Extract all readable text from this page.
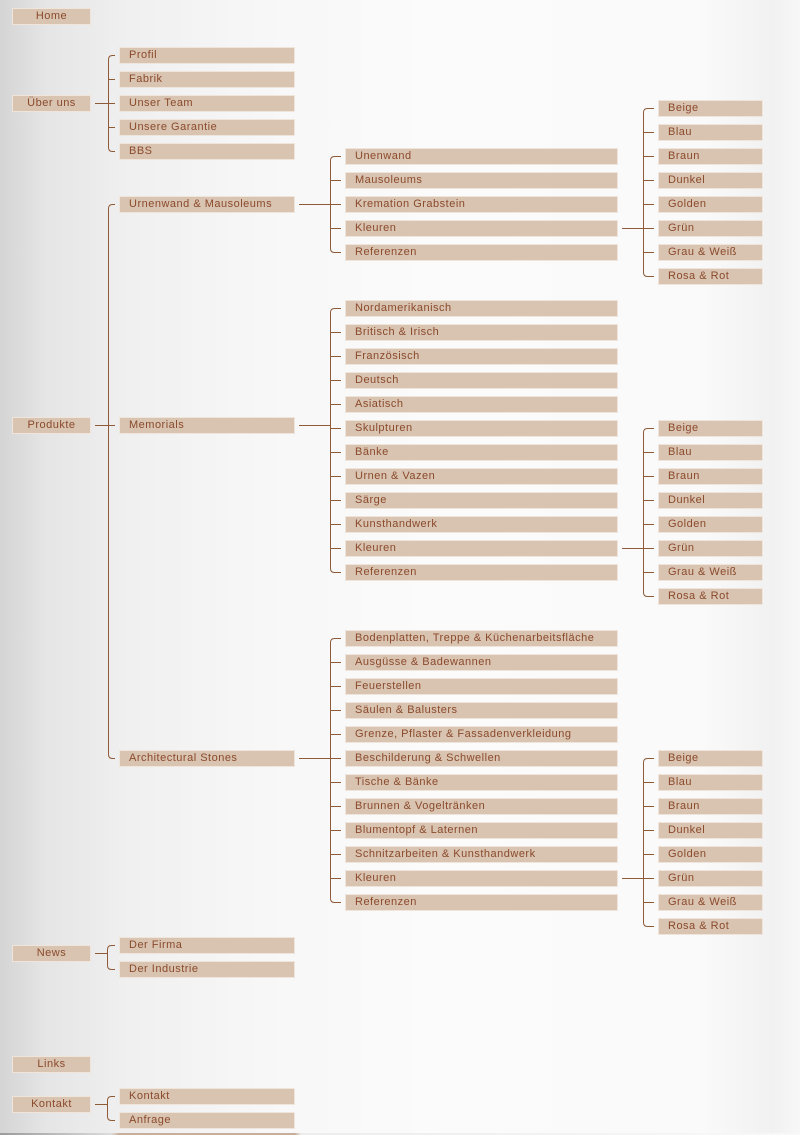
Home
Über uns
Produkte
News
Links
Kontakt
Profil
Fabrik
Unser Team
Unsere Garantie
BBS
Urnenwand & Mausoleums
Unenwand
Mausoleums
Kremation Grabstein
Kleuren
Referenzen
Memorials
Nordamerikanisch
Britisch & Irisch
Französisch
Deutsch
Asiatisch
Skulpturen
Bänke
Urnen & Vazen
Särge
Kunsthandwerk
Kleuren
Referenzen
Architectural Stones
Bodenplatten, Treppe & Küchenarbeitsfläche
Ausgüsse & Badewannen
Feuerstellen
Säulen & Balusters
Grenze, Pflaster & Fassadenverkleidung
Beschilderung & Schwellen
Tische & Bänke
Brunnen & Vogeltränken
Blumentopf & Laternen
Schnitzarbeiten & Kunsthandwerk
Kleuren
Referenzen
Beige
Blau
Braun
Dunkel
Golden
Grün
Grau & Weiß
Rosa & Rot
Beige
Blau
Braun
Dunkel
Golden
Grün
Grau & Weiß
Rosa & Rot
Beige
Blau
Braun
Dunkel
Golden
Grün
Grau & Weiß
Rosa & Rot
Der Firma
Der Industrie
Kontakt
Anfrage
